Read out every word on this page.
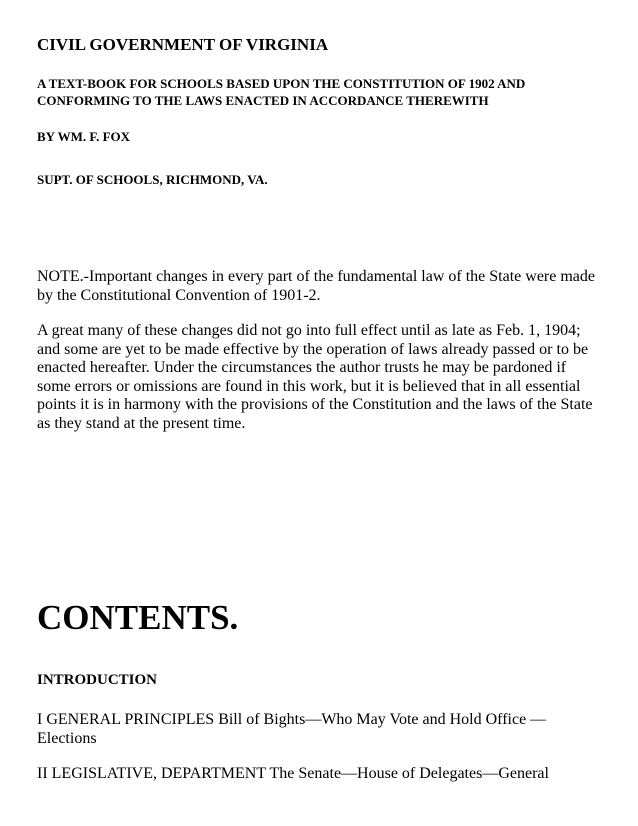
CIVIL GOVERNMENT OF VIRGINIA

A TEXT-BOOK FOR SCHOOLS BASED UPON THE CONSTITUTION OF 1902 AND CONFORMING TO THE LAWS ENACTED IN ACCORDANCE THEREWITH

BY WM. F. FOX

SUPT. OF SCHOOLS, RICHMOND, VA.

NOTE.-Important changes in every part of the fundamental law of the State were made by the Constitutional Convention of 1901-2.

A great many of these changes did not go into full effect until as late as Feb. 1, 1904; and some are yet to be made effective by the operation of laws already passed or to be enacted hereafter. Under the circumstances the author trusts he may be pardoned if some errors or omissions are found in this work, but it is believed that in all essential points it is in harmony with the provisions of the Constitution and the laws of the State as they stand at the present time.

CONTENTS.

INTRODUCTION

I GENERAL PRINCIPLES Bill of Bights—Who May Vote and Hold Office —Elections

II LEGISLATIVE, DEPARTMENT The Senate—House of Delegates—General
